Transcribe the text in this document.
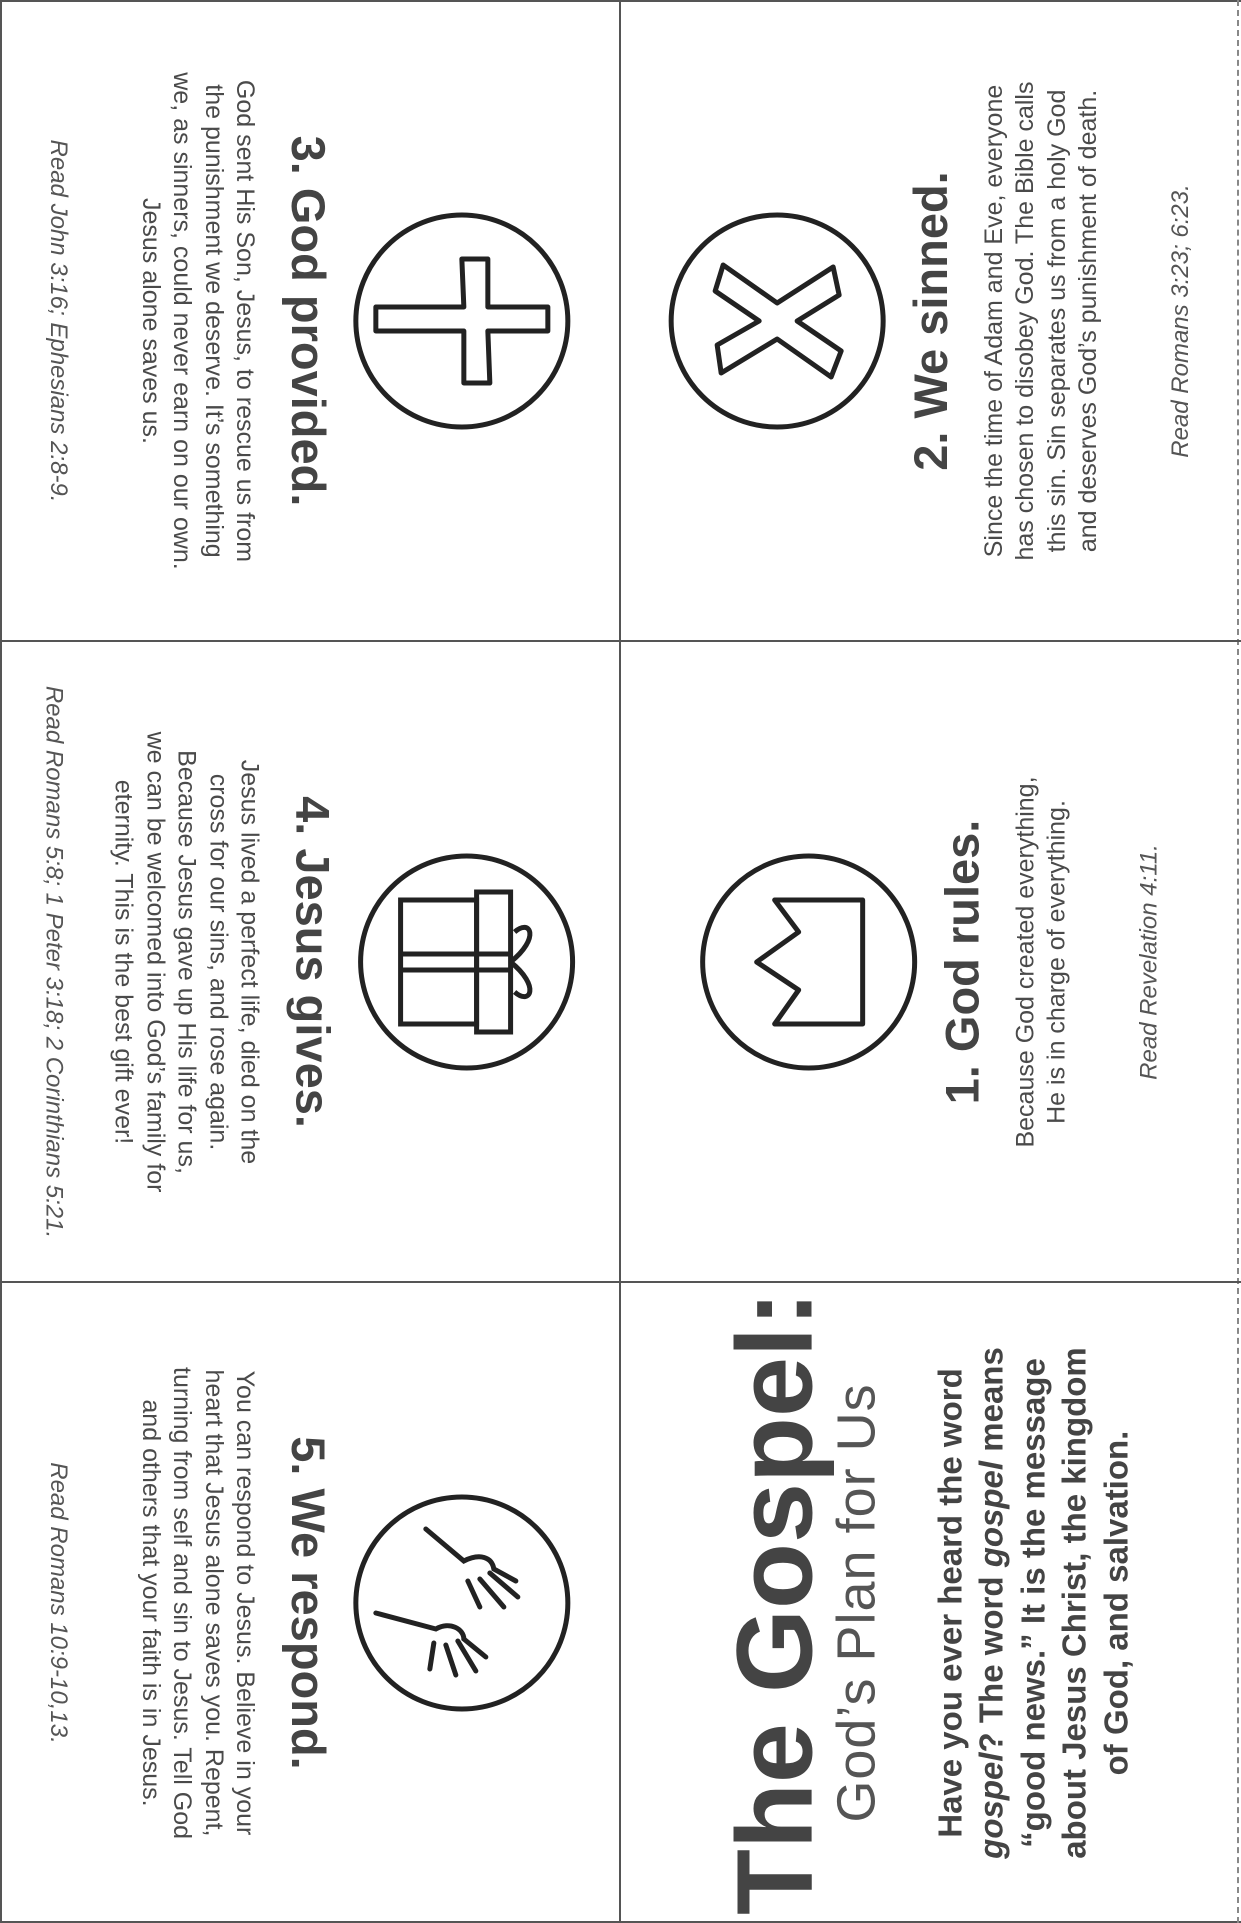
3. God provided.
God sent His Son, Jesus, to rescue us from
the punishment we deserve. It’s something
we, as sinners, could never earn on our own.
Jesus alone saves us.
Read John 3:16; Ephesians 2:8-9.
4. Jesus gives.
Jesus lived a perfect life, died on the
cross for our sins, and rose again.
Because Jesus gave up His life for us,
we can be welcomed into God’s family for
eternity. This is the best gift ever!
Read Romans 5:8; 1 Peter 3:18; 2 Corinthians 5:21.
5. We respond.
You can respond to Jesus. Believe in your
heart that Jesus alone saves you. Repent,
turning from self and sin to Jesus. Tell God
and others that your faith is in Jesus.
Read Romans 10:9-10,13.
2. We sinned. Since the time of Adam and Eve, everyone has chosen to disobey God. The Bible calls this sin. Sin separates us from a holy God and deserves God’s punishment of death.	Read Romans 3:23; 6:23.
1. God rules. Because God created everything, He is in charge of everything.	Read Revelation 4:11.
The Gospel:
God’s Plan for Us Have you ever heard the word gospel? The word gospel means “good news.” It is the message about Jesus Christ, the kingdom of God, and salvation.
